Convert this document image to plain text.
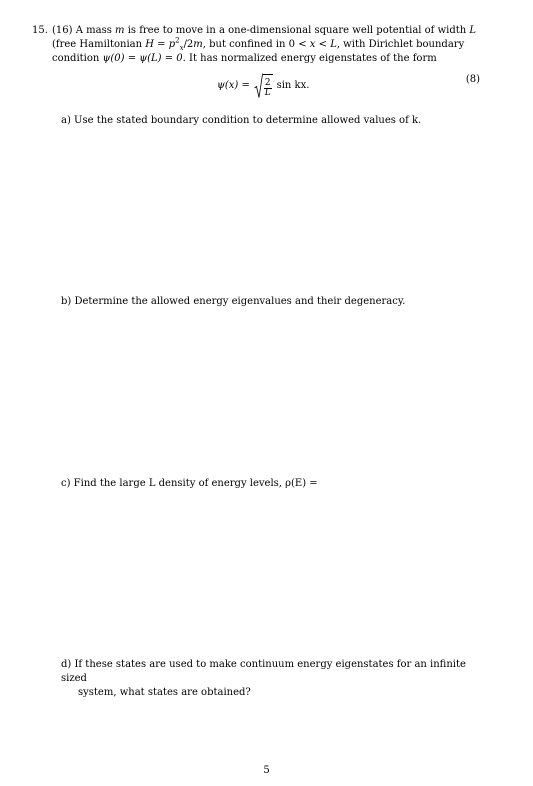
15. (16) A mass m is free to move in a one-dimensional square well potential of width L (free Hamiltonian $H = p^2_x/2m$, but confined in 0 < x < L, with Dirichlet boundary condition ψ(0) = ψ(L) = 0. It has normalized energy eigenstates of the form

$\psi(x) = \frac{2}{L}$ sin kx.
(8)

a) Use the stated boundary condition to determine allowed values of k.

b) Determine the allowed energy eigenvalues and their degeneracy.

c) Find the large L density of energy levels, ρ(E) =

d) If these states are used to make continuum energy eigenstates for an infinite sized

system, what states are obtained?

5
